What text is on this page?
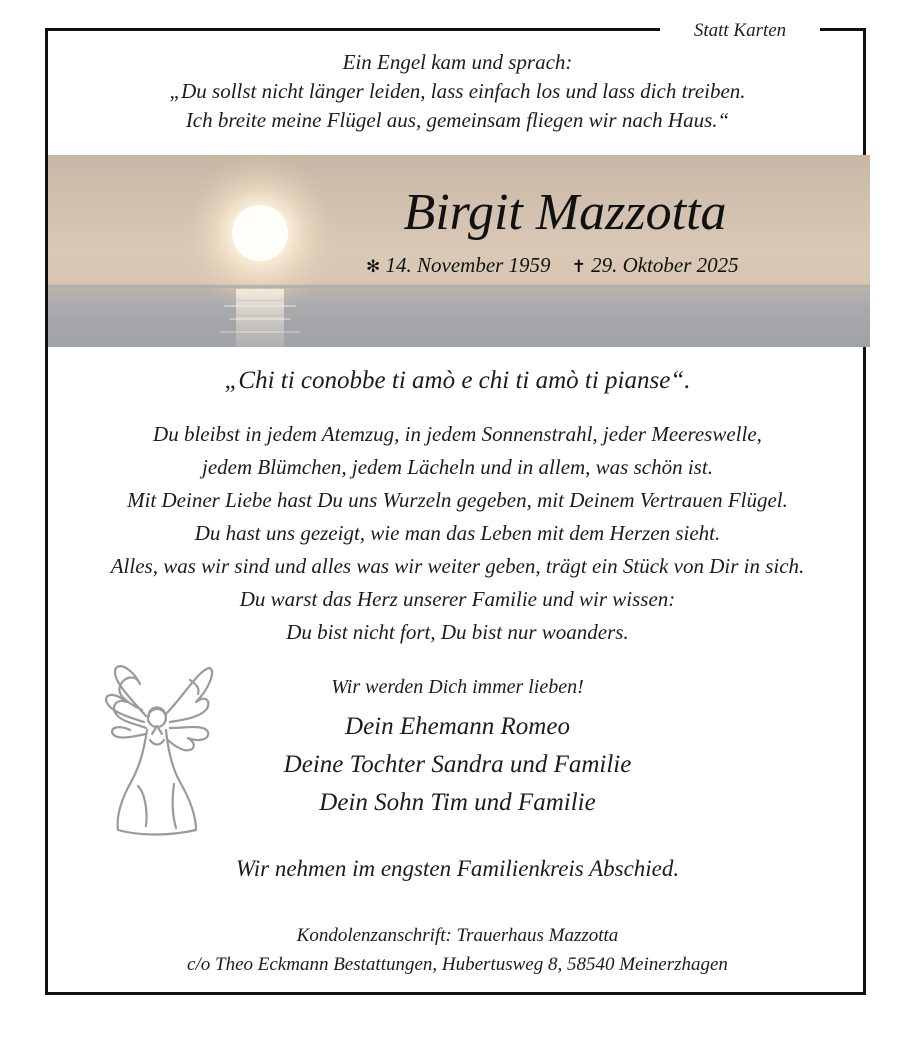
Statt Karten
Ein Engel kam und sprach:
„Du sollst nicht länger leiden, lass einfach los und lass dich treiben.
Ich breite meine Flügel aus, gemeinsam fliegen wir nach Haus.“
Birgit Mazzotta
✻ 14. November 1959 ✝ 29. Oktober 2025
„Chi ti conobbe ti amò e chi ti amò ti pianse“.
Du bleibst in jedem Atemzug, in jedem Sonnenstrahl, jeder Meereswelle,
jedem Blümchen, jedem Lächeln und in allem, was schön ist.
Mit Deiner Liebe hast Du uns Wurzeln gegeben, mit Deinem Vertrauen Flügel.
Du hast uns gezeigt, wie man das Leben mit dem Herzen sieht.
Alles, was wir sind und alles was wir weiter geben, trägt ein Stück von Dir in sich.
Du warst das Herz unserer Familie und wir wissen:
Du bist nicht fort, Du bist nur woanders.
Wir werden Dich immer lieben!
Dein Ehemann Romeo
Deine Tochter Sandra und Familie
Dein Sohn Tim und Familie
Wir nehmen im engsten Familienkreis Abschied.
Kondolenzanschrift: Trauerhaus Mazzotta
c/o Theo Eckmann Bestattungen, Hubertusweg 8, 58540 Meinerzhagen
